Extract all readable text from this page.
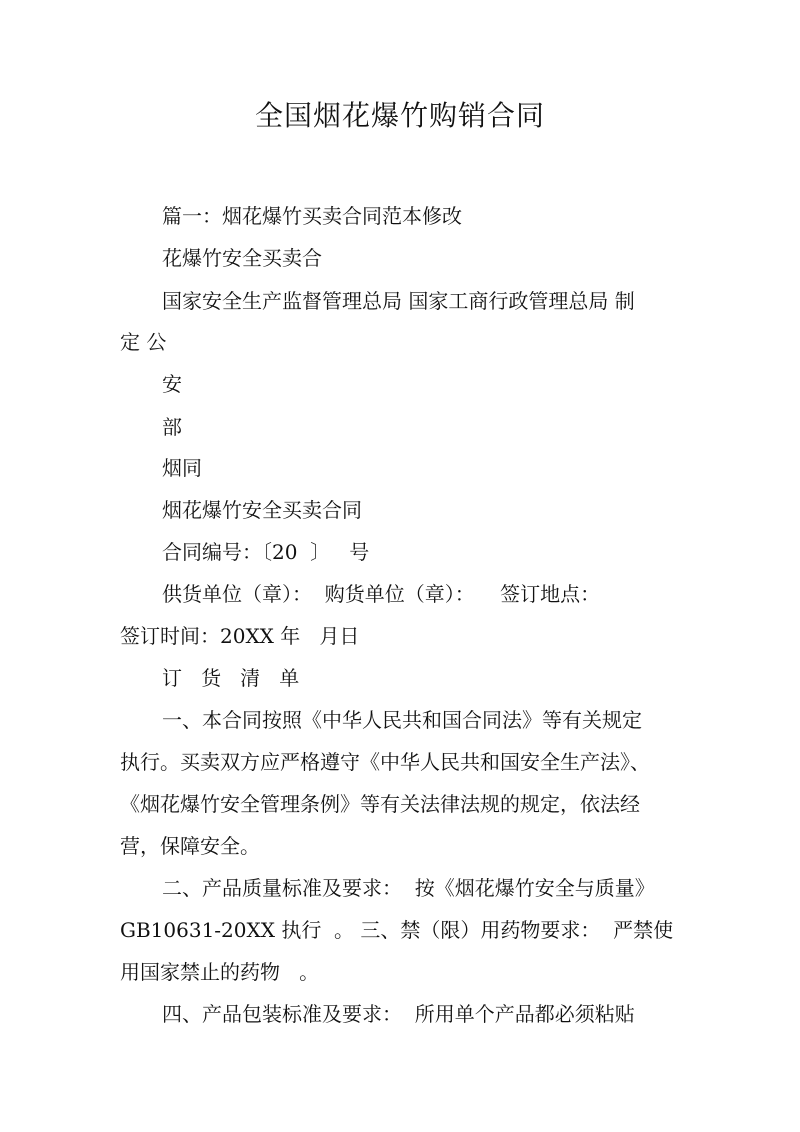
全国烟花爆竹购销合同

篇一：烟花爆竹买卖合同范本修改

花爆竹安全买卖合

国家安全生产监督管理总局 国家工商行政管理总局 制

定 公

安

部

烟同

烟花爆竹安全买卖合同

合同编号：〔20  〕   号

供货单位（章）：  购货单位（章）：    签订地点：

签订时间：20XX 年   月日

订   货   清   单

一、本合同按照《中华人民共和国合同法》等有关规定

执行。买卖双方应严格遵守《中华人民共和国安全生产法》、

《烟花爆竹安全管理条例》等有关法律法规的规定，依法经

营，保障安全。

二、产品质量标准及要求：  按《烟花爆竹安全与质量》

GB10631-20XX 执行  。 三、禁（限）用药物要求：  严禁使

用国家禁止的药物   。

四、产品包装标准及要求：  所用单个产品都必须粘贴
